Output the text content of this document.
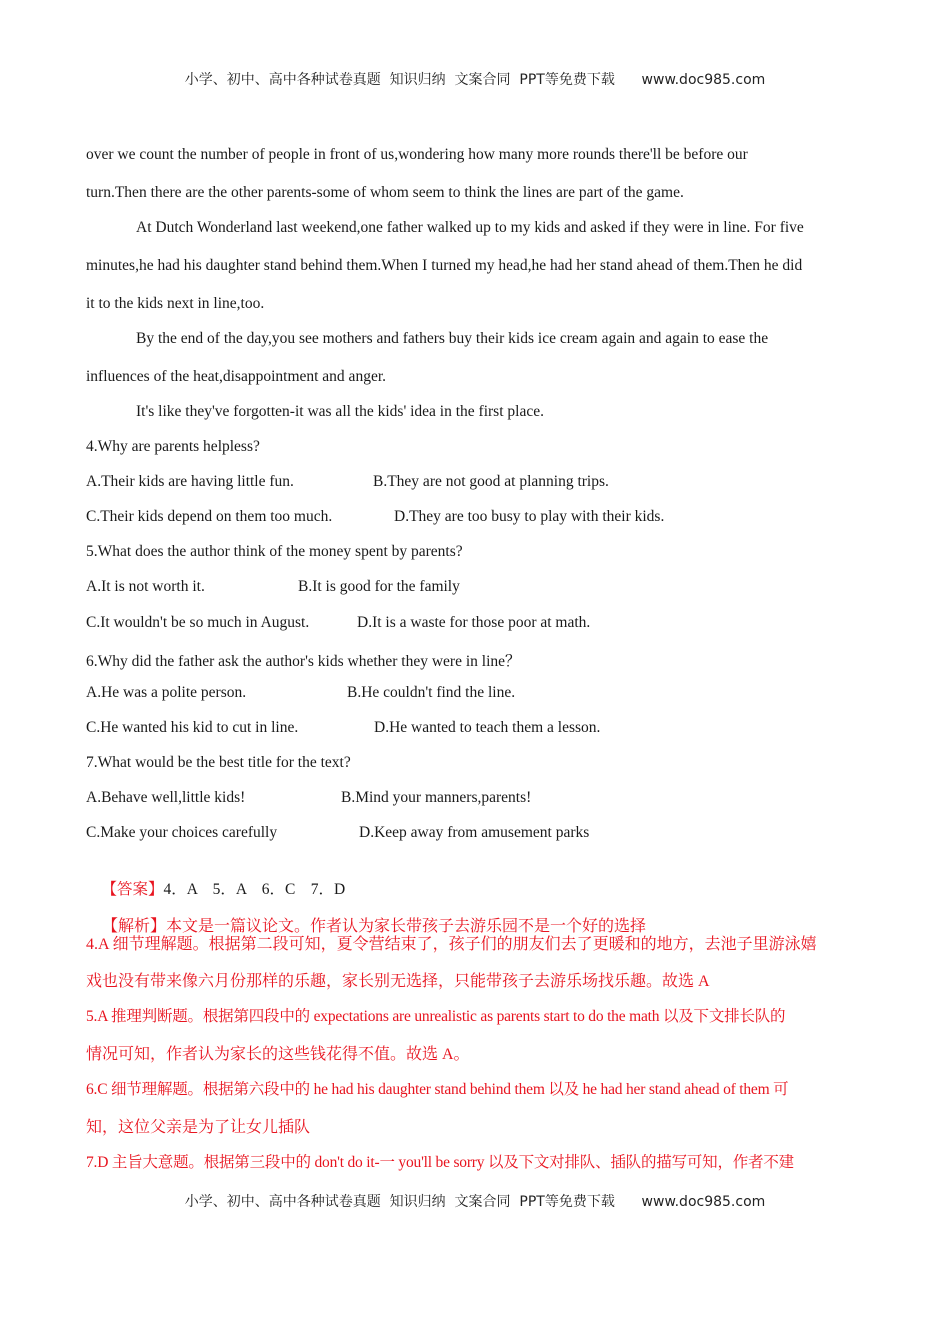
小学、初中、高中各种试卷真题  知识归纳  文案合同  PPT等免费下载      www.doc985.com
over we count the number of people in front of us,wondering how many more rounds there'll be before our
turn.Then there are the other parents-some of whom seem to think the lines are part of the game.
At Dutch Wonderland last weekend,one father walked up to my kids and asked if they were in line. For five
minutes,he had his daughter stand behind them.When I turned my head,he had her stand ahead of them.Then he did
it to the kids next in line,too.
By the end of the day,you see mothers and fathers buy their kids ice cream again and again to ease the
influences of the heat,disappointment and anger.
It's like they've forgotten-it was all the kids' idea in the first place.
4.Why are parents helpless?
A.Their kids are having little fun.	B.They are not good at planning trips.
C.Their kids depend on them too much.	D.They are too busy to play with their kids.
5.What does the author think of the money spent by parents?
A.It is not worth it.	B.It is good for the family
C.It wouldn't be so much in August.	D.It is a waste for those poor at math.
6.Why did the father ask the author's kids whether they were in line？
A.He was a polite person.	B.He couldn't find the line.
C.He wanted his kid to cut in line.	D.He wanted to teach them a lesson.
7.What would be the best title for the text?
A.Behave well,little kids!	B.Mind your manners,parents!
C.Make your choices carefully	D.Keep away from amusement parks

【答案】4．A    5．A    6．C    7．D

【解析】本文是一篇议论文。作者认为家长带孩子去游乐园不是一个好的选择

4.A 细节理解题。根据第二段可知，夏令营结束了，孩子们的朋友们去了更暖和的地方，去池子里游泳嬉
戏也没有带来像六月份那样的乐趣，家长别无选择，只能带孩子去游乐场找乐趣。故选 A
5.A 推理判断题。根据第四段中的 expectations are unrealistic as parents start to do the math 以及下文排长队的
情况可知，作者认为家长的这些钱花得不值。故选 A。
6.C 细节理解题。根据第六段中的 he had his daughter stand behind them 以及 he had her stand ahead of them 可
知，这位父亲是为了让女儿插队
7.D 主旨大意题。根据第三段中的 don't do it-一 you'll be sorry 以及下文对排队、插队的描写可知，作者不建
小学、初中、高中各种试卷真题  知识归纳  文案合同  PPT等免费下载      www.doc985.com
